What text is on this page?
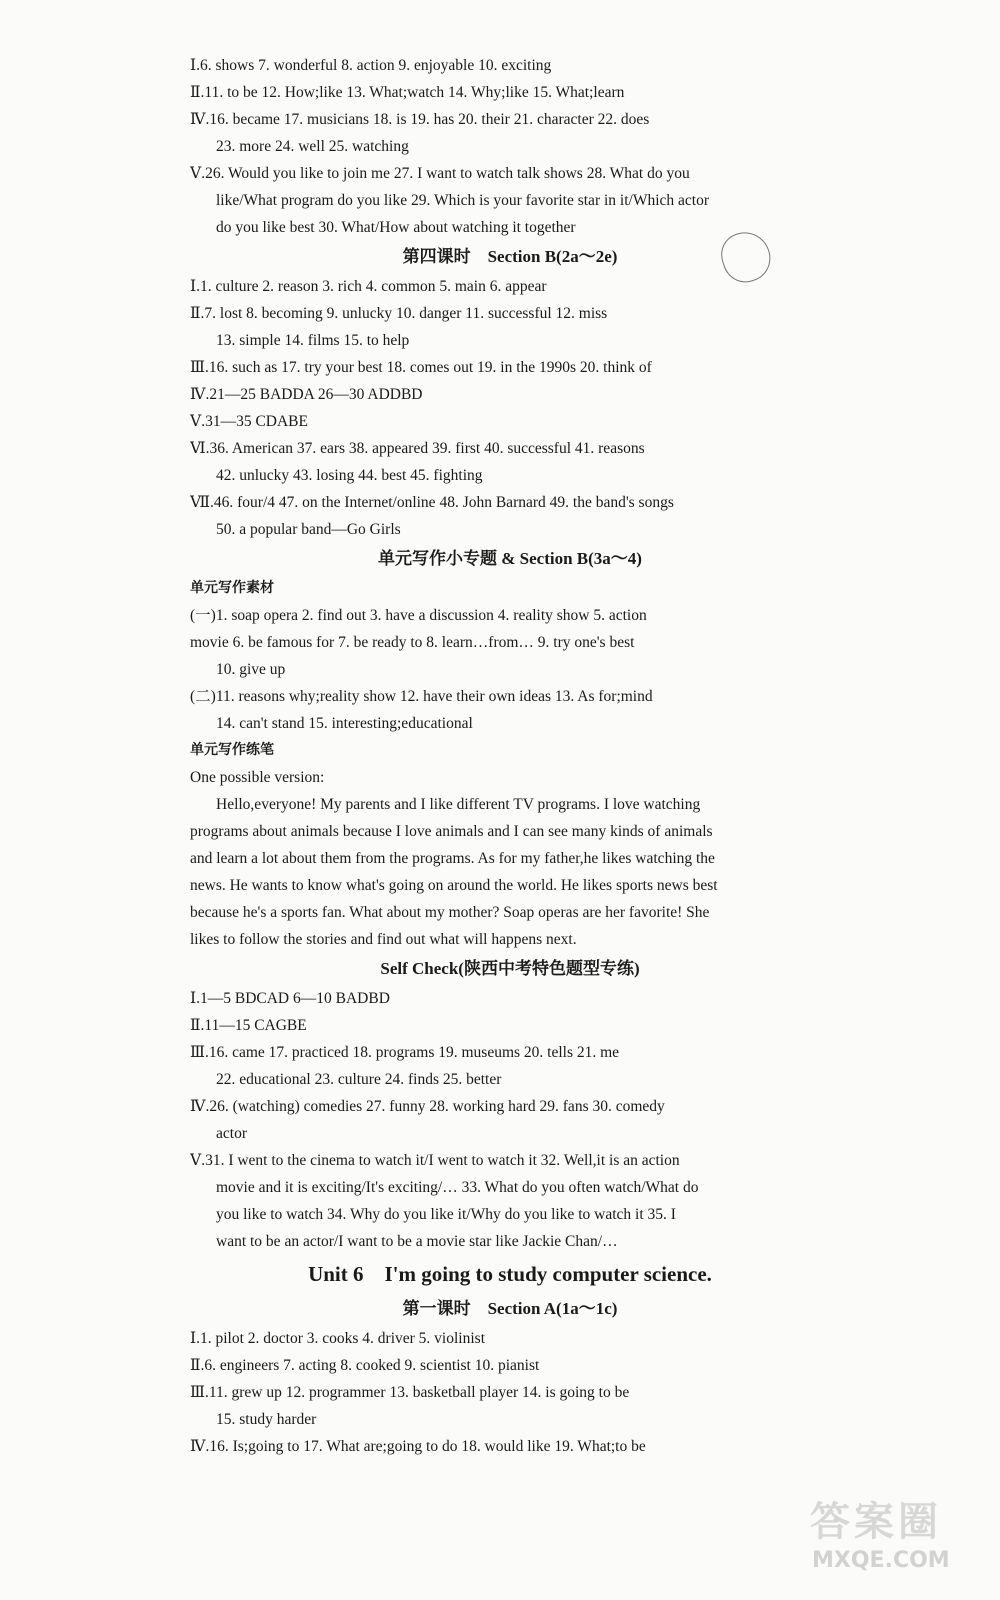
Ⅰ.6. shows 7. wonderful 8. action 9. enjoyable 10. exciting
Ⅱ.11. to be 12. How;like 13. What;watch 14. Why;like 15. What;learn
Ⅳ.16. became 17. musicians 18. is 19. has 20. their 21. character 22. does
23. more 24. well 25. watching
Ⅴ.26. Would you like to join me 27. I want to watch talk shows 28. What do you
like/What program do you like 29. Which is your favorite star in it/Which actor
do you like best 30. What/How about watching it together
第四课时　Section B(2a～2e)
Ⅰ.1. culture 2. reason 3. rich 4. common 5. main 6. appear
Ⅱ.7. lost 8. becoming 9. unlucky 10. danger 11. successful 12. miss
13. simple 14. films 15. to help
Ⅲ.16. such as 17. try your best 18. comes out 19. in the 1990s 20. think of
Ⅳ.21—25 BADDA 26—30 ADDBD
Ⅴ.31—35 CDABE
Ⅵ.36. American 37. ears 38. appeared 39. first 40. successful 41. reasons
42. unlucky 43. losing 44. best 45. fighting
Ⅶ.46. four/4 47. on the Internet/online 48. John Barnard 49. the band's songs
50. a popular band—Go Girls
单元写作小专题 & Section B(3a～4)
单元写作素材
(一)1. soap opera 2. find out 3. have a discussion 4. reality show 5. action
movie 6. be famous for 7. be ready to 8. learn…from… 9. try one's best
10. give up
(二)11. reasons why;reality show 12. have their own ideas 13. As for;mind
14. can't stand 15. interesting;educational
单元写作练笔
One possible version:
Hello,everyone! My parents and I like different TV programs. I love watching
programs about animals because I love animals and I can see many kinds of animals
and learn a lot about them from the programs. As for my father,he likes watching the
news. He wants to know what's going on around the world. He likes sports news best
because he's a sports fan. What about my mother? Soap operas are her favorite! She
likes to follow the stories and find out what will happens next.
Self Check(陕西中考特色题型专练)
Ⅰ.1—5 BDCAD 6—10 BADBD
Ⅱ.11—15 CAGBE
Ⅲ.16. came 17. practiced 18. programs 19. museums 20. tells 21. me
22. educational 23. culture 24. finds 25. better
Ⅳ.26. (watching) comedies 27. funny 28. working hard 29. fans 30. comedy
actor
Ⅴ.31. I went to the cinema to watch it/I went to watch it 32. Well,it is an action
movie and it is exciting/It's exciting/… 33. What do you often watch/What do
you like to watch 34. Why do you like it/Why do you like to watch it 35. I
want to be an actor/I want to be a movie star like Jackie Chan/…
Unit 6　I'm going to study computer science.
第一课时　Section A(1a～1c)
Ⅰ.1. pilot 2. doctor 3. cooks 4. driver 5. violinist
Ⅱ.6. engineers 7. acting 8. cooked 9. scientist 10. pianist
Ⅲ.11. grew up 12. programmer 13. basketball player 14. is going to be
15. study harder
Ⅳ.16. Is;going to 17. What are;going to do 18. would like 19. What;to be
答案圈
MXQE.COM
